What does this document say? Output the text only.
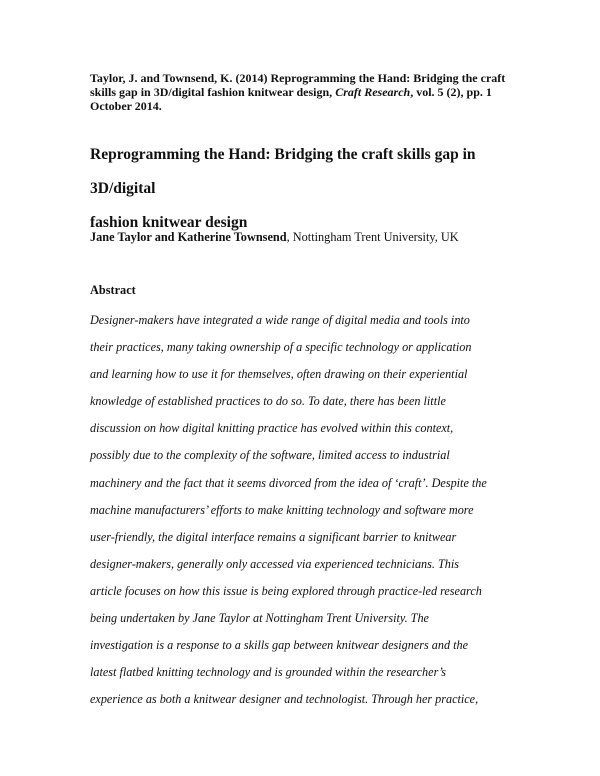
Taylor, J. and Townsend, K. (2014) Reprogramming the Hand: Bridging the craft skills gap in 3D/digital fashion knitwear design, Craft Research, vol. 5 (2), pp. 1 October 2014.
Reprogramming the Hand: Bridging the craft skills gap in 3D/digital
fashion knitwear design
Jane Taylor and Katherine Townsend, Nottingham Trent University, UK
Abstract
Designer-makers have integrated a wide range of digital media and tools into
their practices, many taking ownership of a specific technology or application
and learning how to use it for themselves, often drawing on their experiential
knowledge of established practices to do so. To date, there has been little
discussion on how digital knitting practice has evolved within this context,
possibly due to the complexity of the software, limited access to industrial
machinery and the fact that it seems divorced from the idea of ‘craft’. Despite the
machine manufacturers’ efforts to make knitting technology and software more
user-friendly, the digital interface remains a significant barrier to knitwear
designer-makers, generally only accessed via experienced technicians. This
article focuses on how this issue is being explored through practice-led research
being undertaken by Jane Taylor at Nottingham Trent University. The
investigation is a response to a skills gap between knitwear designers and the
latest flatbed knitting technology and is grounded within the researcher’s
experience as both a knitwear designer and technologist. Through her practice,
